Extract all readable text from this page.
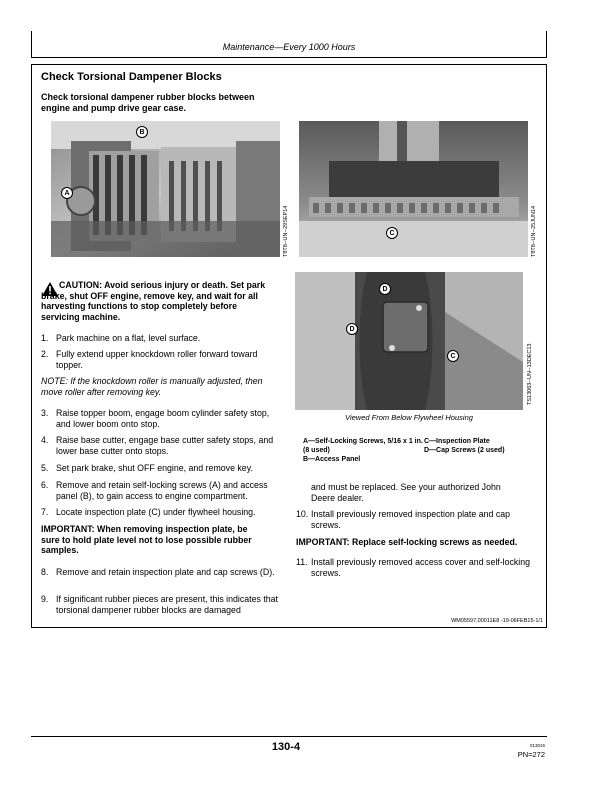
Maintenance—Every 1000 Hours
Check Torsional Dampener Blocks
Check torsional dampener rubber blocks between engine and pump drive gear case.
A
B
T8T8--UN--29SEP14	C	T8T8--UN--25JUN14
CAUTION: Avoid serious injury or death. Set park brake, shut OFF engine, remove key, and wait for all harvesting functions to stop completely before servicing machine.
D
D
C	TS13063--UN--13DEC13
Viewed From Below Flywheel Housing
A—Self-Locking Screws, 5/16 x 1 in. (8 used)
B—Access Panel
C—Inspection Plate
D—Cap Screws (2 used)
1. Park machine on a flat, level surface.
2. Fully extend upper knockdown roller forward toward topper.
NOTE: If the knockdown roller is manually adjusted, then move roller after removing key.
3. Raise topper boom, engage boom cylinder safety stop, and lower boom onto stop.
4. Raise base cutter, engage base cutter safety stops, and lower base cutter onto stops.
5. Set park brake, shut OFF engine, and remove key.
6. Remove and retain self-locking screws (A) and access panel (B), to gain access to engine compartment.
7. Locate inspection plate (C) under flywheel housing.
IMPORTANT: When removing inspection plate, be sure to hold plate level not to lose possible rubber samples.
8. Remove and retain inspection plate and cap screws (D).
9. If significant rubber pieces are present, this indicates that torsional dampener rubber blocks are damaged
and must be replaced. See your authorized John Deere dealer.
10. Install previously removed inspection plate and cap screws.
IMPORTANT: Replace self-locking screws as needed.
11. Install previously removed access cover and self-locking screws.
WM05597,00011E8 -19-06FEB15-1/1
130-4	013015
PN=272
